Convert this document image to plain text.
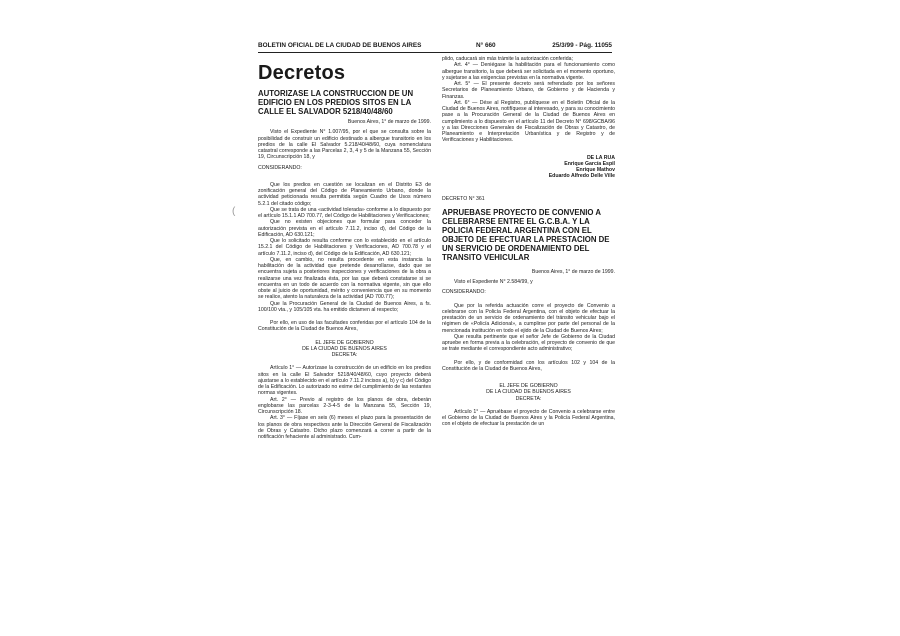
BOLETIN OFICIAL DE LA CIUDAD DE BUENOS AIRES	N° 660	25/3/99 - Pág. 11055
(
Decretos
AUTORIZASE LA CONSTRUCCION DE UN EDIFICIO EN LOS PREDIOS SITOS EN LA CALLE EL SALVADOR 5218/40/48/60

Buenos Aires, 1° de marzo de 1999.

Visto el Expediente N° 1.007/95, por el que se consulta sobre la posibilidad de construir un edificio destinado a albergue transitorio en los predios de la calle El Salvador 5.218/40/48/60, cuya nomenclatura catastral corresponde a las Parcelas 2, 3, 4 y 5 de la Manzana 55, Sección 19, Circunscripción 18, y

CONSIDERANDO:

Que los predios en cuestión se localizan en el Distrito E3 de zonificación general del Código de Planeamiento Urbano, donde la actividad peticionada resulta permitida según Cuadro de Usos número 5.2.1 del citado código;

Que se trata de una «actividad tolerada» conforme a lo dispuesto por el artículo 15.1.1 AD 700.77, del Código de Habilitaciones y Verificaciones;

Que no existen objeciones que formular para conceder la autorización prevista en el artículo 7.11.2, inciso d), del Código de la Edificación, AD 630.121;

Que lo solicitado resulta conforme con lo establecido en el artículo 15.2.1 del Código de Habilitaciones y Verificaciones, AD 700.78 y el artículo 7.11.2, inciso d), del Código de la Edificación, AD 630.121;

Que, en cambio, no resulta procedente en esta instancia la habilitación de la actividad que pretende desarrollarse, dado que se encuentra sujeta a posteriores inspecciones y verificaciones de la obra a realizarse una vez finalizada ésta, por las que deberá constatarse si se encuentra en un todo de acuerdo con la normativa vigente, sin que ello obste al juicio de oportunidad, mérito y conveniencia que en su momento se realice, atento la naturaleza de la actividad (AD 700.77);

Que la Procuración General de la Ciudad de Buenos Aires, a fs. 100/100 vta., y 105/105 vta. ha emitido dictamen al respecto;

Por ello, en uso de las facultades conferidas por el artículo 104 de la Constitución de la Ciudad de Buenos Aires,

EL JEFE DE GOBIERNO

DE LA CIUDAD DE BUENOS AIRES

DECRETA:

Artículo 1° — Autorízase la construcción de un edificio en los predios sitos en la calle El Salvador 5218/40/48/60, cuyo proyecto deberá ajustarse a lo establecido en el artículo 7.11.2 incisos a), b) y c) del Código de la Edificación. Lo autorizado no exime del cumplimiento de las restantes normas vigentes.

Art. 2° — Previo al registro de los planos de obra, deberán englobarse las parcelas 2-3-4-5 de la Manzana 55, Sección 19, Circunscripción 18.

Art. 3° — Fíjase en seis (6) meses el plazo para la presentación de los planos de obra respectivos ante la Dirección General de Fiscalización de Obras y Catastro. Dicho plazo comenzará a correr a partir de la notificación fehaciente al administrado. Cum-

plido, caducará sin más trámite la autorización conferida;

Art. 4° — Deniégase la habilitación para el funcionamiento como albergue transitorio, la que deberá ser solicitada en el momento oportuno, y sujetarse a las exigencias previstas en la normativa vigente.

Art. 5° — El presente decreto será refrendado por los señores Secretarios de Planeamiento Urbano, de Gobierno y de Hacienda y Finanzas.

Art. 6° — Dése al Registro, publíquese en el Boletín Oficial de la Ciudad de Buenos Aires, notifíquese al interesado, y para su conocimiento pase a la Procuración General de la Ciudad de Buenos Aires en cumplimiento a lo dispuesto en el artículo 11 del Decreto N° 698/GCBA/96 y a las Direcciones Generales de Fiscalización de Obras y Catastro, de Planeamiento e Interpretación Urbanística y de Registro y de Verificaciones y Habilitaciones.

DE LA RUA

Enrique García Espil

Enrique Mathov

Eduardo Alfredo Delle Ville

DECRETO N° 361

APRUEBASE PROYECTO DE CONVENIO A CELEBRARSE ENTRE EL G.C.B.A. Y LA POLICIA FEDERAL ARGENTINA CON EL OBJETO DE EFECTUAR LA PRESTACION DE UN SERVICIO DE ORDENAMIENTO DEL TRANSITO VEHICULAR

Buenos Aires, 1° de marzo de 1999.

Visto el Expediente N° 2.584/99, y

CONSIDERANDO:

Que por la referida actuación corre el proyecto de Convenio a celebrarse con la Policía Federal Argentina, con el objeto de efectuar la prestación de un servicio de ordenamiento del tránsito vehicular bajo el régimen de «Policía Adicional», a cumplirse por parte del personal de la mencionada institución en todo el ejido de la Ciudad de Buenos Aires;

Que resulta pertinente que el señor Jefe de Gobierno de la Ciudad apruebe en forma previa a la celebración, el proyecto de convenio de que se trate mediante el correspondiente acto administrativo;

Por ello, y de conformidad con los artículos 102 y 104 de la Constitución de la Ciudad de Buenos Aires,

EL JEFE DE GOBIERNO

DE LA CIUDAD DE BUENOS AIRES

DECRETA:

Artículo 1° — Apruébase el proyecto de Convenio a celebrarse entre el Gobierno de la Ciudad de Buenos Aires y la Policía Federal Argentina, con el objeto de efectuar la prestación de un
